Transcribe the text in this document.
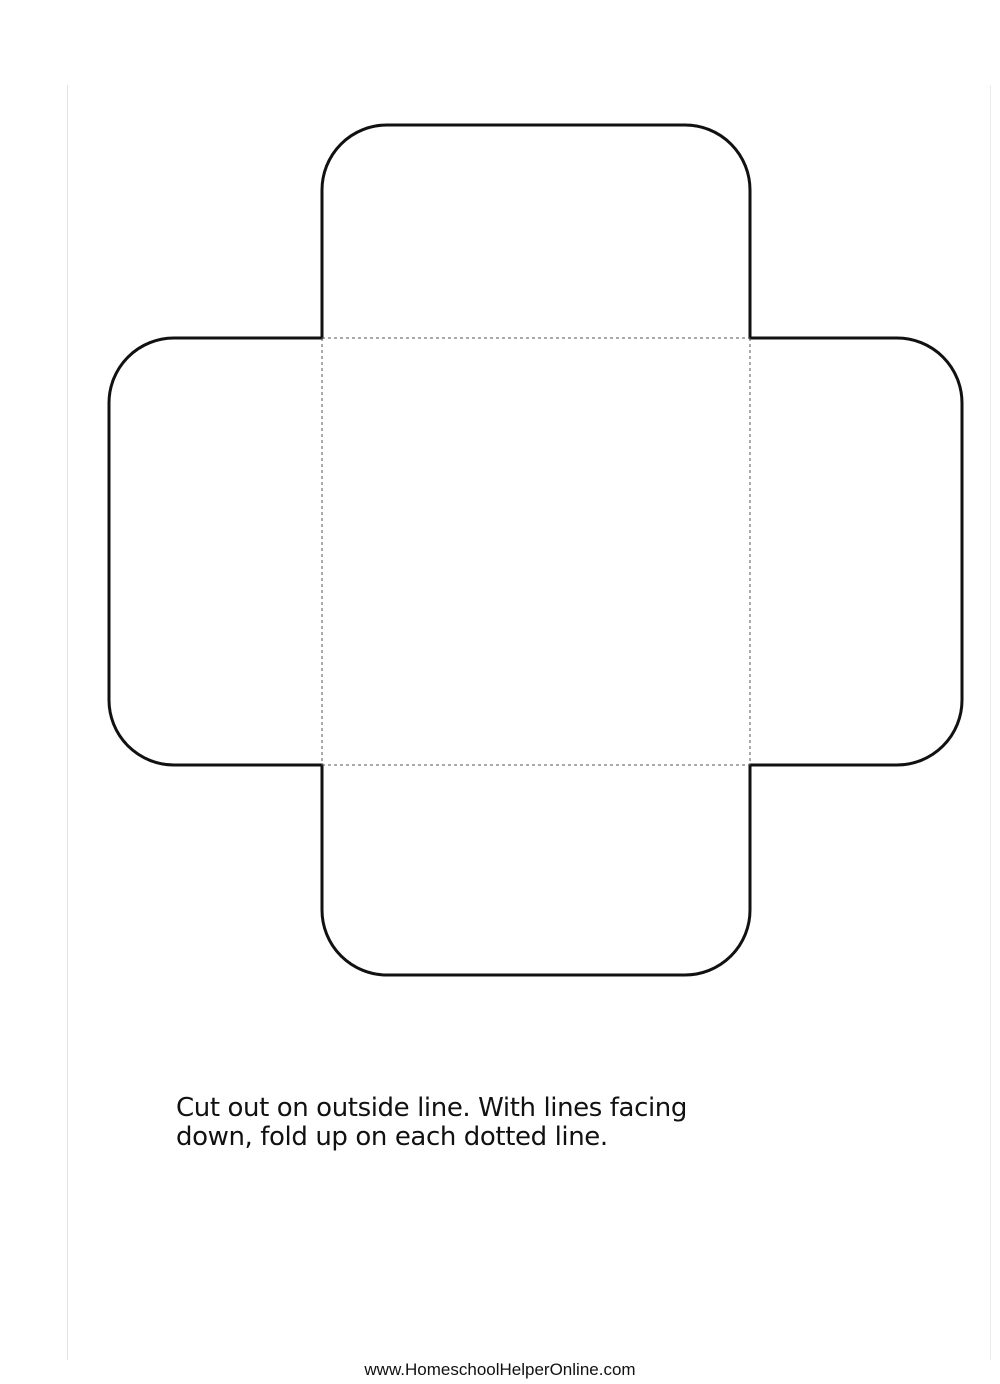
Cut out on outside line. With lines facing
down, fold up on each dotted line.
www.HomeschoolHelperOnline.com
